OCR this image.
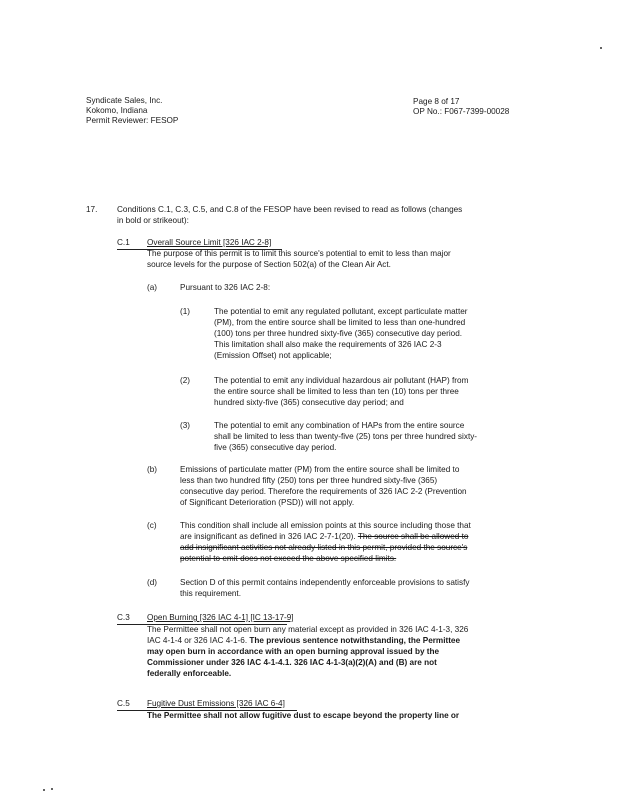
Syndicate Sales, Inc.
Kokomo, Indiana
Permit Reviewer: FESOP
Page 8 of 17
OP No.: F067-7399-00028
17. Conditions C.1, C.3, C.5, and C.8 of the FESOP have been revised to read as follows (changes
in bold or strikeout):
C.1 Overall Source Limit [326 IAC 2-8]
The purpose of this permit is to limit this source's potential to emit to less than major
source levels for the purpose of Section 502(a) of the Clean Air Act.
(a)	Pursuant to 326 IAC 2-8:
(1)	The potential to emit any regulated pollutant, except particulate matter
(PM), from the entire source shall be limited to less than one-hundred
(100) tons per three hundred sixty-five (365) consecutive day period.
This limitation shall also make the requirements of 326 IAC 2-3
(Emission Offset) not applicable;
(2)	The potential to emit any individual hazardous air pollutant (HAP) from
the entire source shall be limited to less than ten (10) tons per three
hundred sixty-five (365) consecutive day period; and
(3)	The potential to emit any combination of HAPs from the entire source
shall be limited to less than twenty-five (25) tons per three hundred sixty-
five (365) consecutive day period.
(b)	Emissions of particulate matter (PM) from the entire source shall be limited to
less than two hundred fifty (250) tons per three hundred sixty-five (365)
consecutive day period. Therefore the requirements of 326 IAC 2-2 (Prevention
of Significant Deterioration (PSD)) will not apply.
(c)	This condition shall include all emission points at this source including those that
are insignificant as defined in 326 IAC 2-7-1(20). The source shall be allowed to
add insignificant activities not already listed in this permit, provided the source's
potential to emit does not exceed the above specified limits.
(d)	Section D of this permit contains independently enforceable provisions to satisfy
this requirement.
C.3 Open Burning [326 IAC 4-1] [IC 13-17-9]
The Permittee shall not open burn any material except as provided in 326 IAC 4-1-3, 326
IAC 4-1-4 or 326 IAC 4-1-6. The previous sentence notwithstanding, the Permittee
may open burn in accordance with an open burning approval issued by the
Commissioner under 326 IAC 4-1-4.1. 326 IAC 4-1-3(a)(2)(A) and (B) are not
federally enforceable.
C.5 Fugitive Dust Emissions [326 IAC 6-4]
The Permittee shall not allow fugitive dust to escape beyond the property line or
